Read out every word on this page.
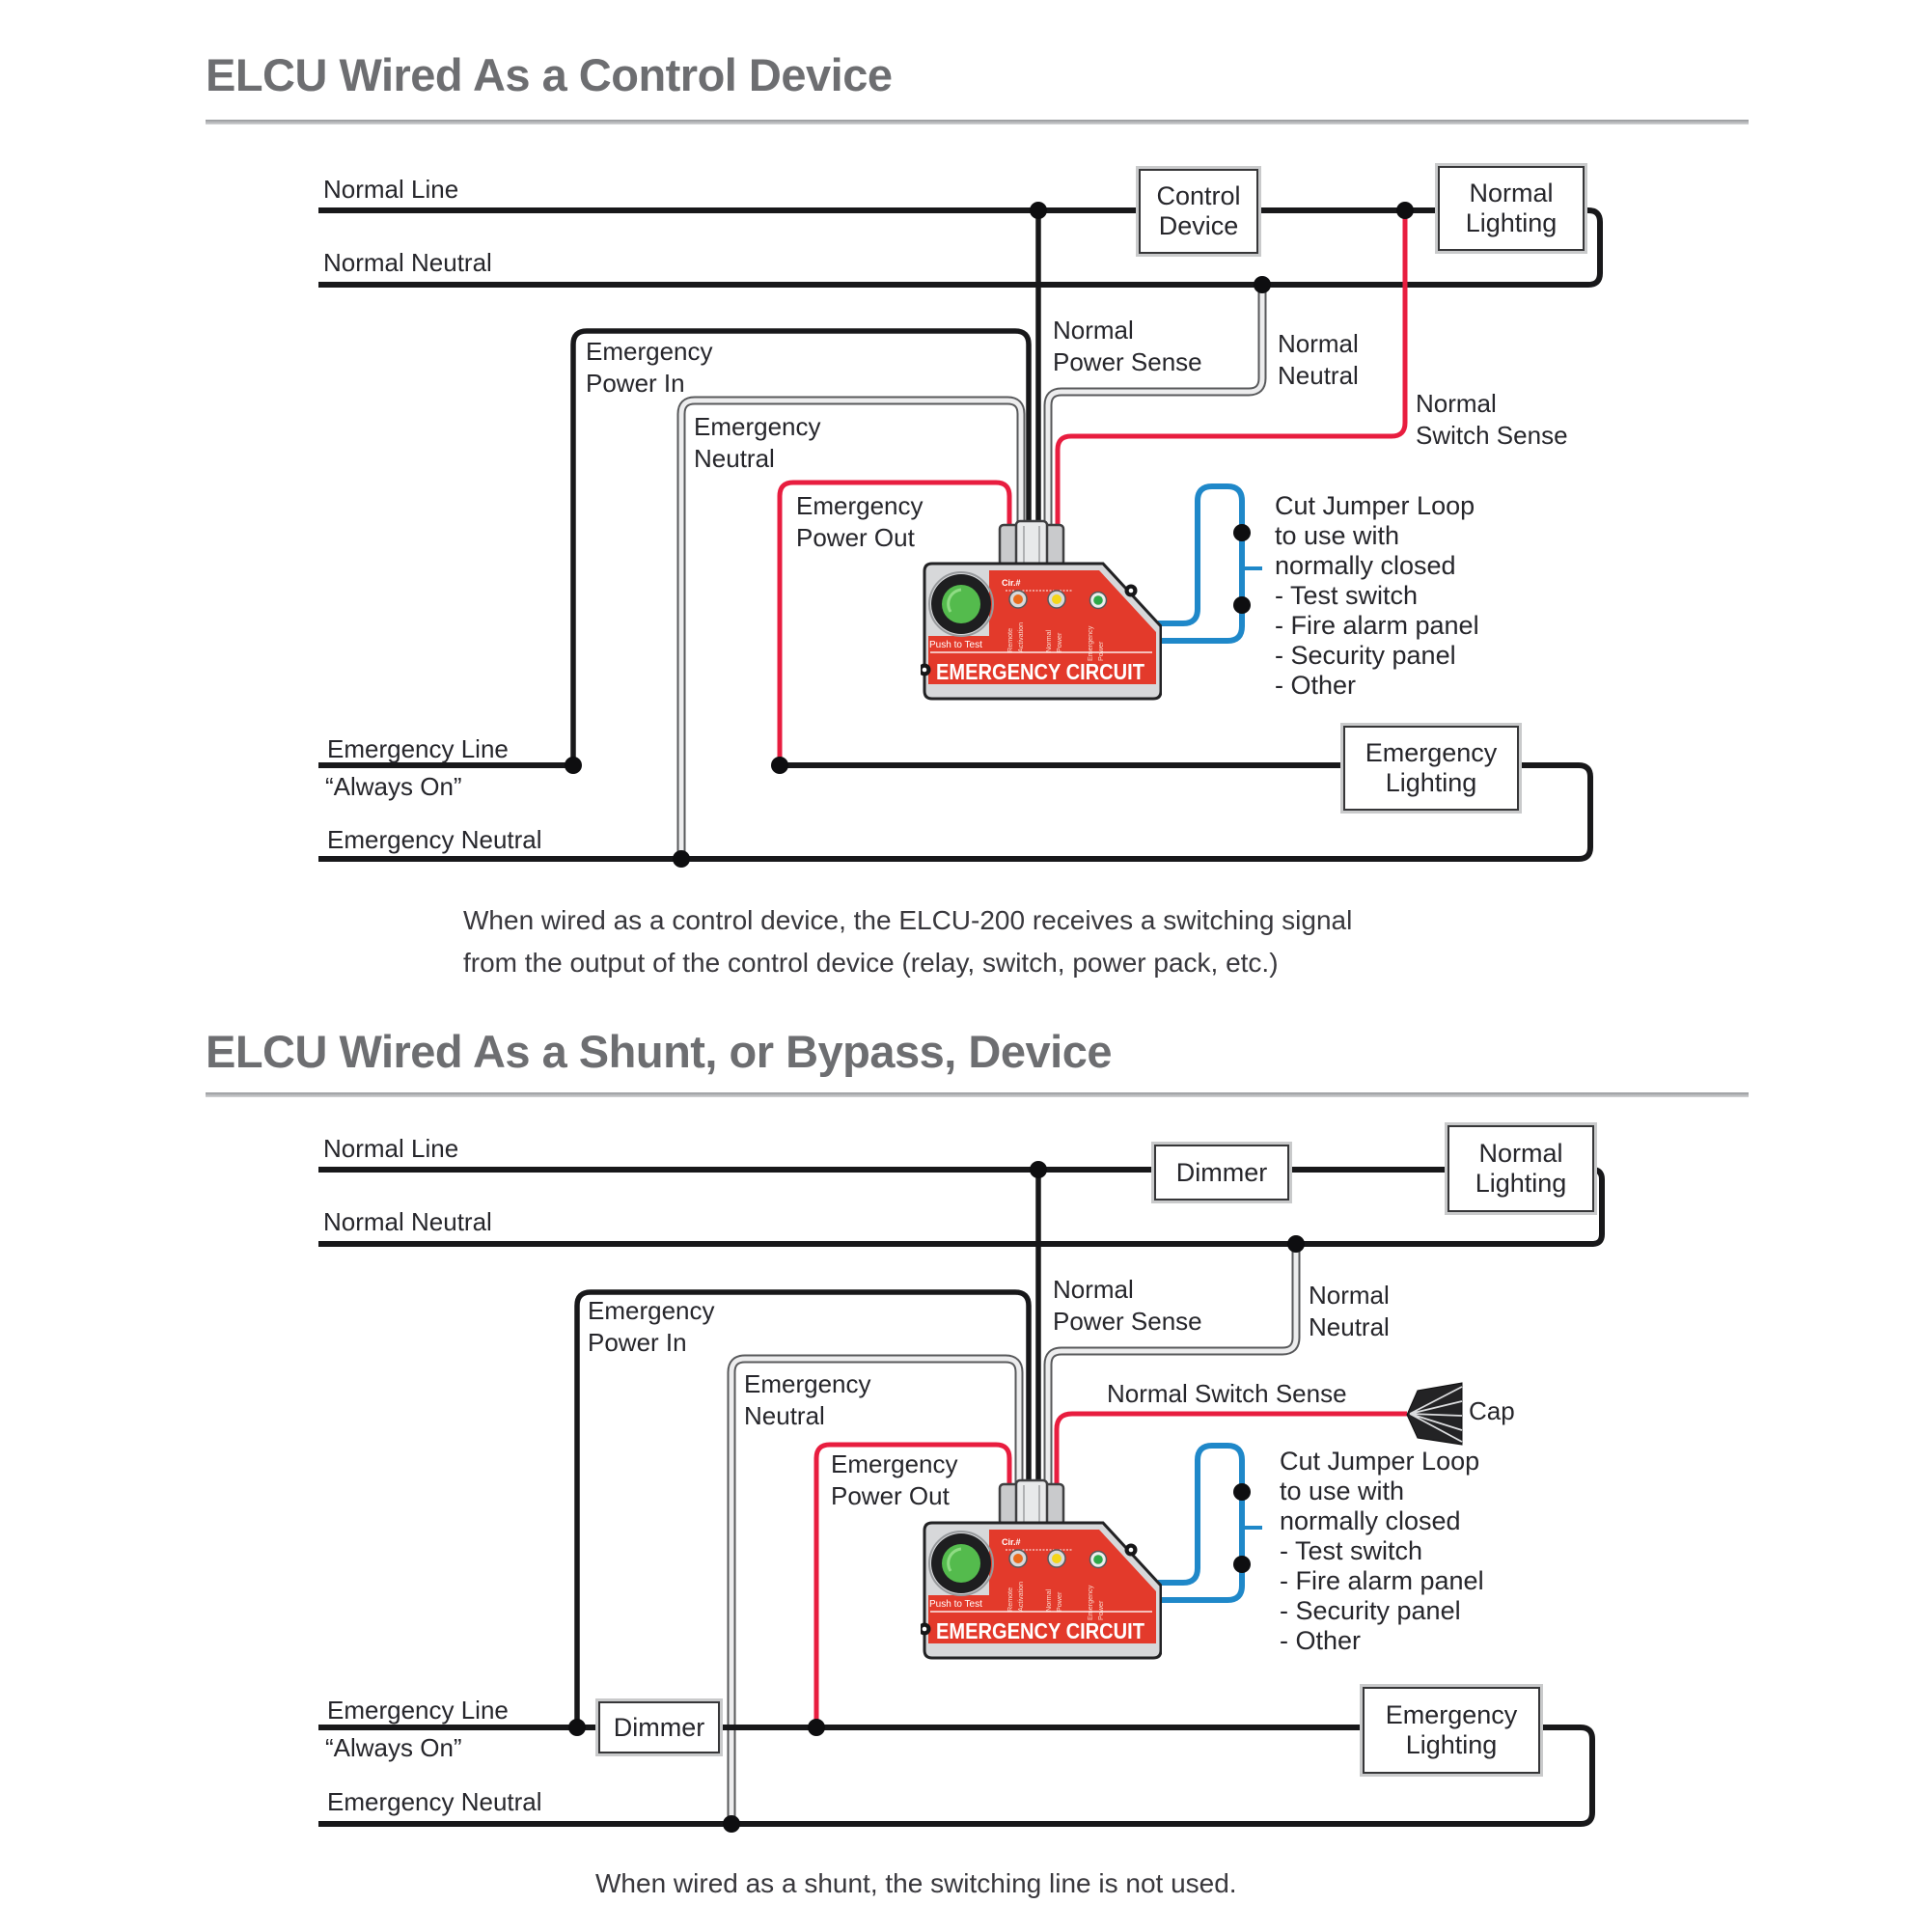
ELCU Wired As a Control Device
Normal Line
Normal Neutral
Emergency
Power In
Emergency
Neutral
Emergency
Power Out
Normal
Power Sense
Normal
Neutral
Normal
Switch Sense
Emergency Line
“Always On”
Emergency Neutral
Control
Device
Normal
Lighting
Emergency
Lighting
Cut Jumper Loop
to use with
normally closed
- Test switch
- Fire alarm panel
- Security panel
- Other
When wired as a control device, the ELCU-200 receives a switching signal
from the output of the control device (relay, switch, power pack, etc.)
ELCU Wired As a Shunt, or Bypass, Device
Normal Line
Normal Neutral
Emergency
Power In
Emergency
Neutral
Emergency
Power Out
Normal
Power Sense
Normal
Neutral
Normal Switch Sense
Cap
Emergency Line
“Always On”
Emergency Neutral
Dimmer
Normal
Lighting
Dimmer	Emergency
Lighting
Cut Jumper Loop
to use with
normally closed
- Test switch
- Fire alarm panel
- Security panel
- Other
When wired as a shunt, the switching line is not used.
Push to Test
Cir.#
Remote Activation	Normal Power	Emergency Power
EMERGENCY CIRCUIT
Push to Test
Cir.#
Remote Activation	Normal Power	Emergency Power
EMERGENCY CIRCUIT
